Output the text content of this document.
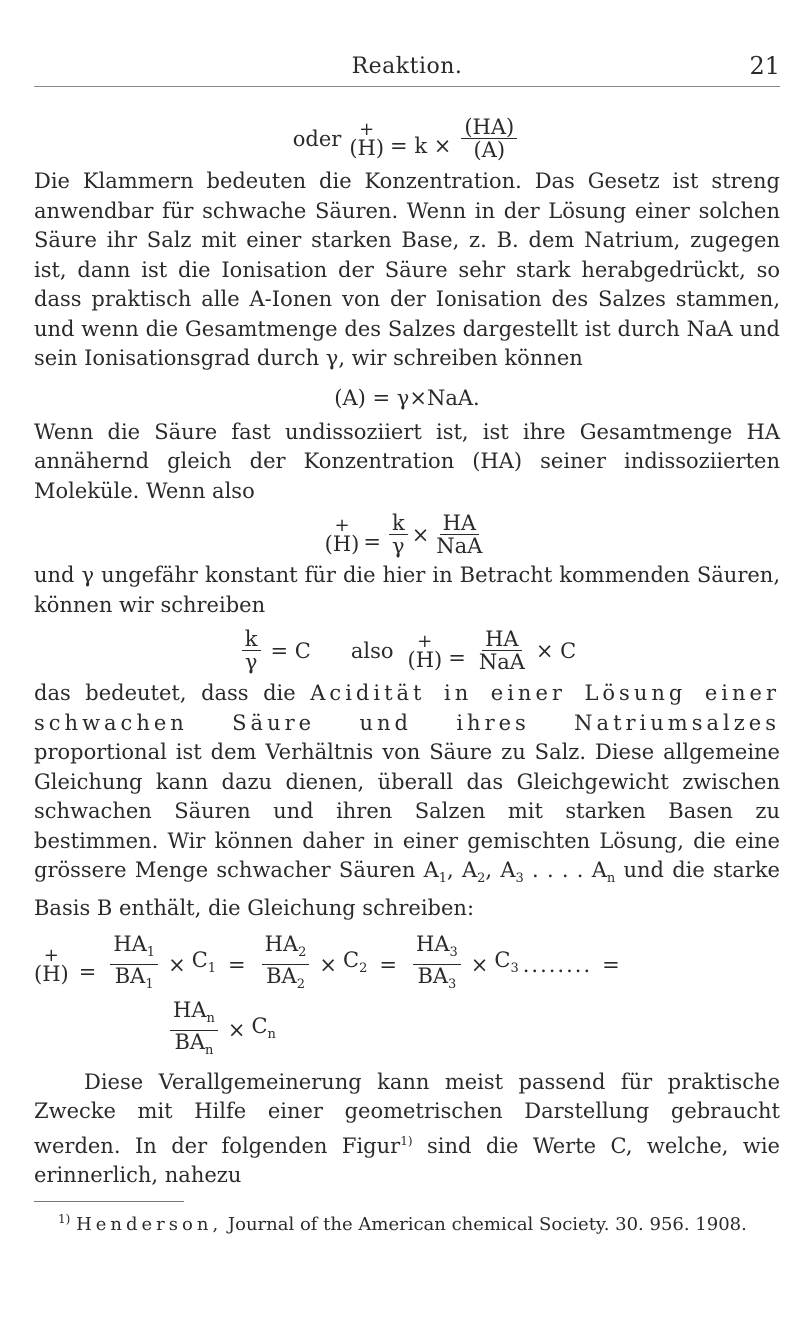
Reaktion.	21
oder +
$(H) = k \times \frac{(HA)}{(A)}$

Die Klammern bedeuten die Konzentration. Das Gesetz ist streng anwendbar für schwache Säuren. Wenn in der Lösung einer solchen Säure ihr Salz mit einer starken Base, z. B. dem Natrium, zugegen ist, dann ist die Ionisation der Säure sehr stark herabgedrückt, so dass praktisch alle A-Ionen von der Ionisation des Salzes stammen, und wenn die Gesamtmenge des Salzes dargestellt ist durch NaA und sein Ionisationsgrad durch γ, wir schreiben können

(A) = γ×NaA.

Wenn die Säure fast undissoziiert ist, ist ihre Gesamtmenge HA annähernd gleich der Konzentration (HA) seiner indissoziierten Moleküle. Wenn also

+
$(H) = \frac{k}{\gamma} \times \frac{HA}{\text{NaA}}$

und γ ungefähr konstant für die hier in Betracht kommenden Säuren, können wir schreiben

$\frac{k}{\gamma} = C$ also +
$(H) = \frac{HA}{\text{NaA}} \times C$

das bedeutet, dass die Acidität in einer Lösung einer schwachen Säure und ihres Natriumsalzes proportional ist dem Verhältnis von Säure zu Salz. Diese allgemeine Gleichung kann dazu dienen, überall das Gleichgewicht zwischen schwachen Säuren und ihren Salzen mit starken Basen zu bestimmen. Wir können daher in einer gemischten Lösung, die eine grössere Menge schwacher Säuren $A_1$, $A_2$, $A_3$ . . . . $A_n$ und die starke Basis B enthält, die Gleichung schreiben:

+
$(H) = \frac{HA_1}{BA_1} \times C_1 = \frac{HA_2}{BA_2} \times C_2 = \frac{HA_3}{BA_3} \times C_3$ ........ =
$\frac{HA_n}{BA_n} \times C_n$

Diese Verallgemeinerung kann meist passend für praktische Zwecke mit Hilfe einer geometrischen Darstellung gebraucht werden. In der folgenden Figur$^{1)}$ sind die Werte C, welche, wie erinnerlich, nahezu

$^{1)}$ Henderson, Journal of the American chemical Society. 30. 956. 1908.
